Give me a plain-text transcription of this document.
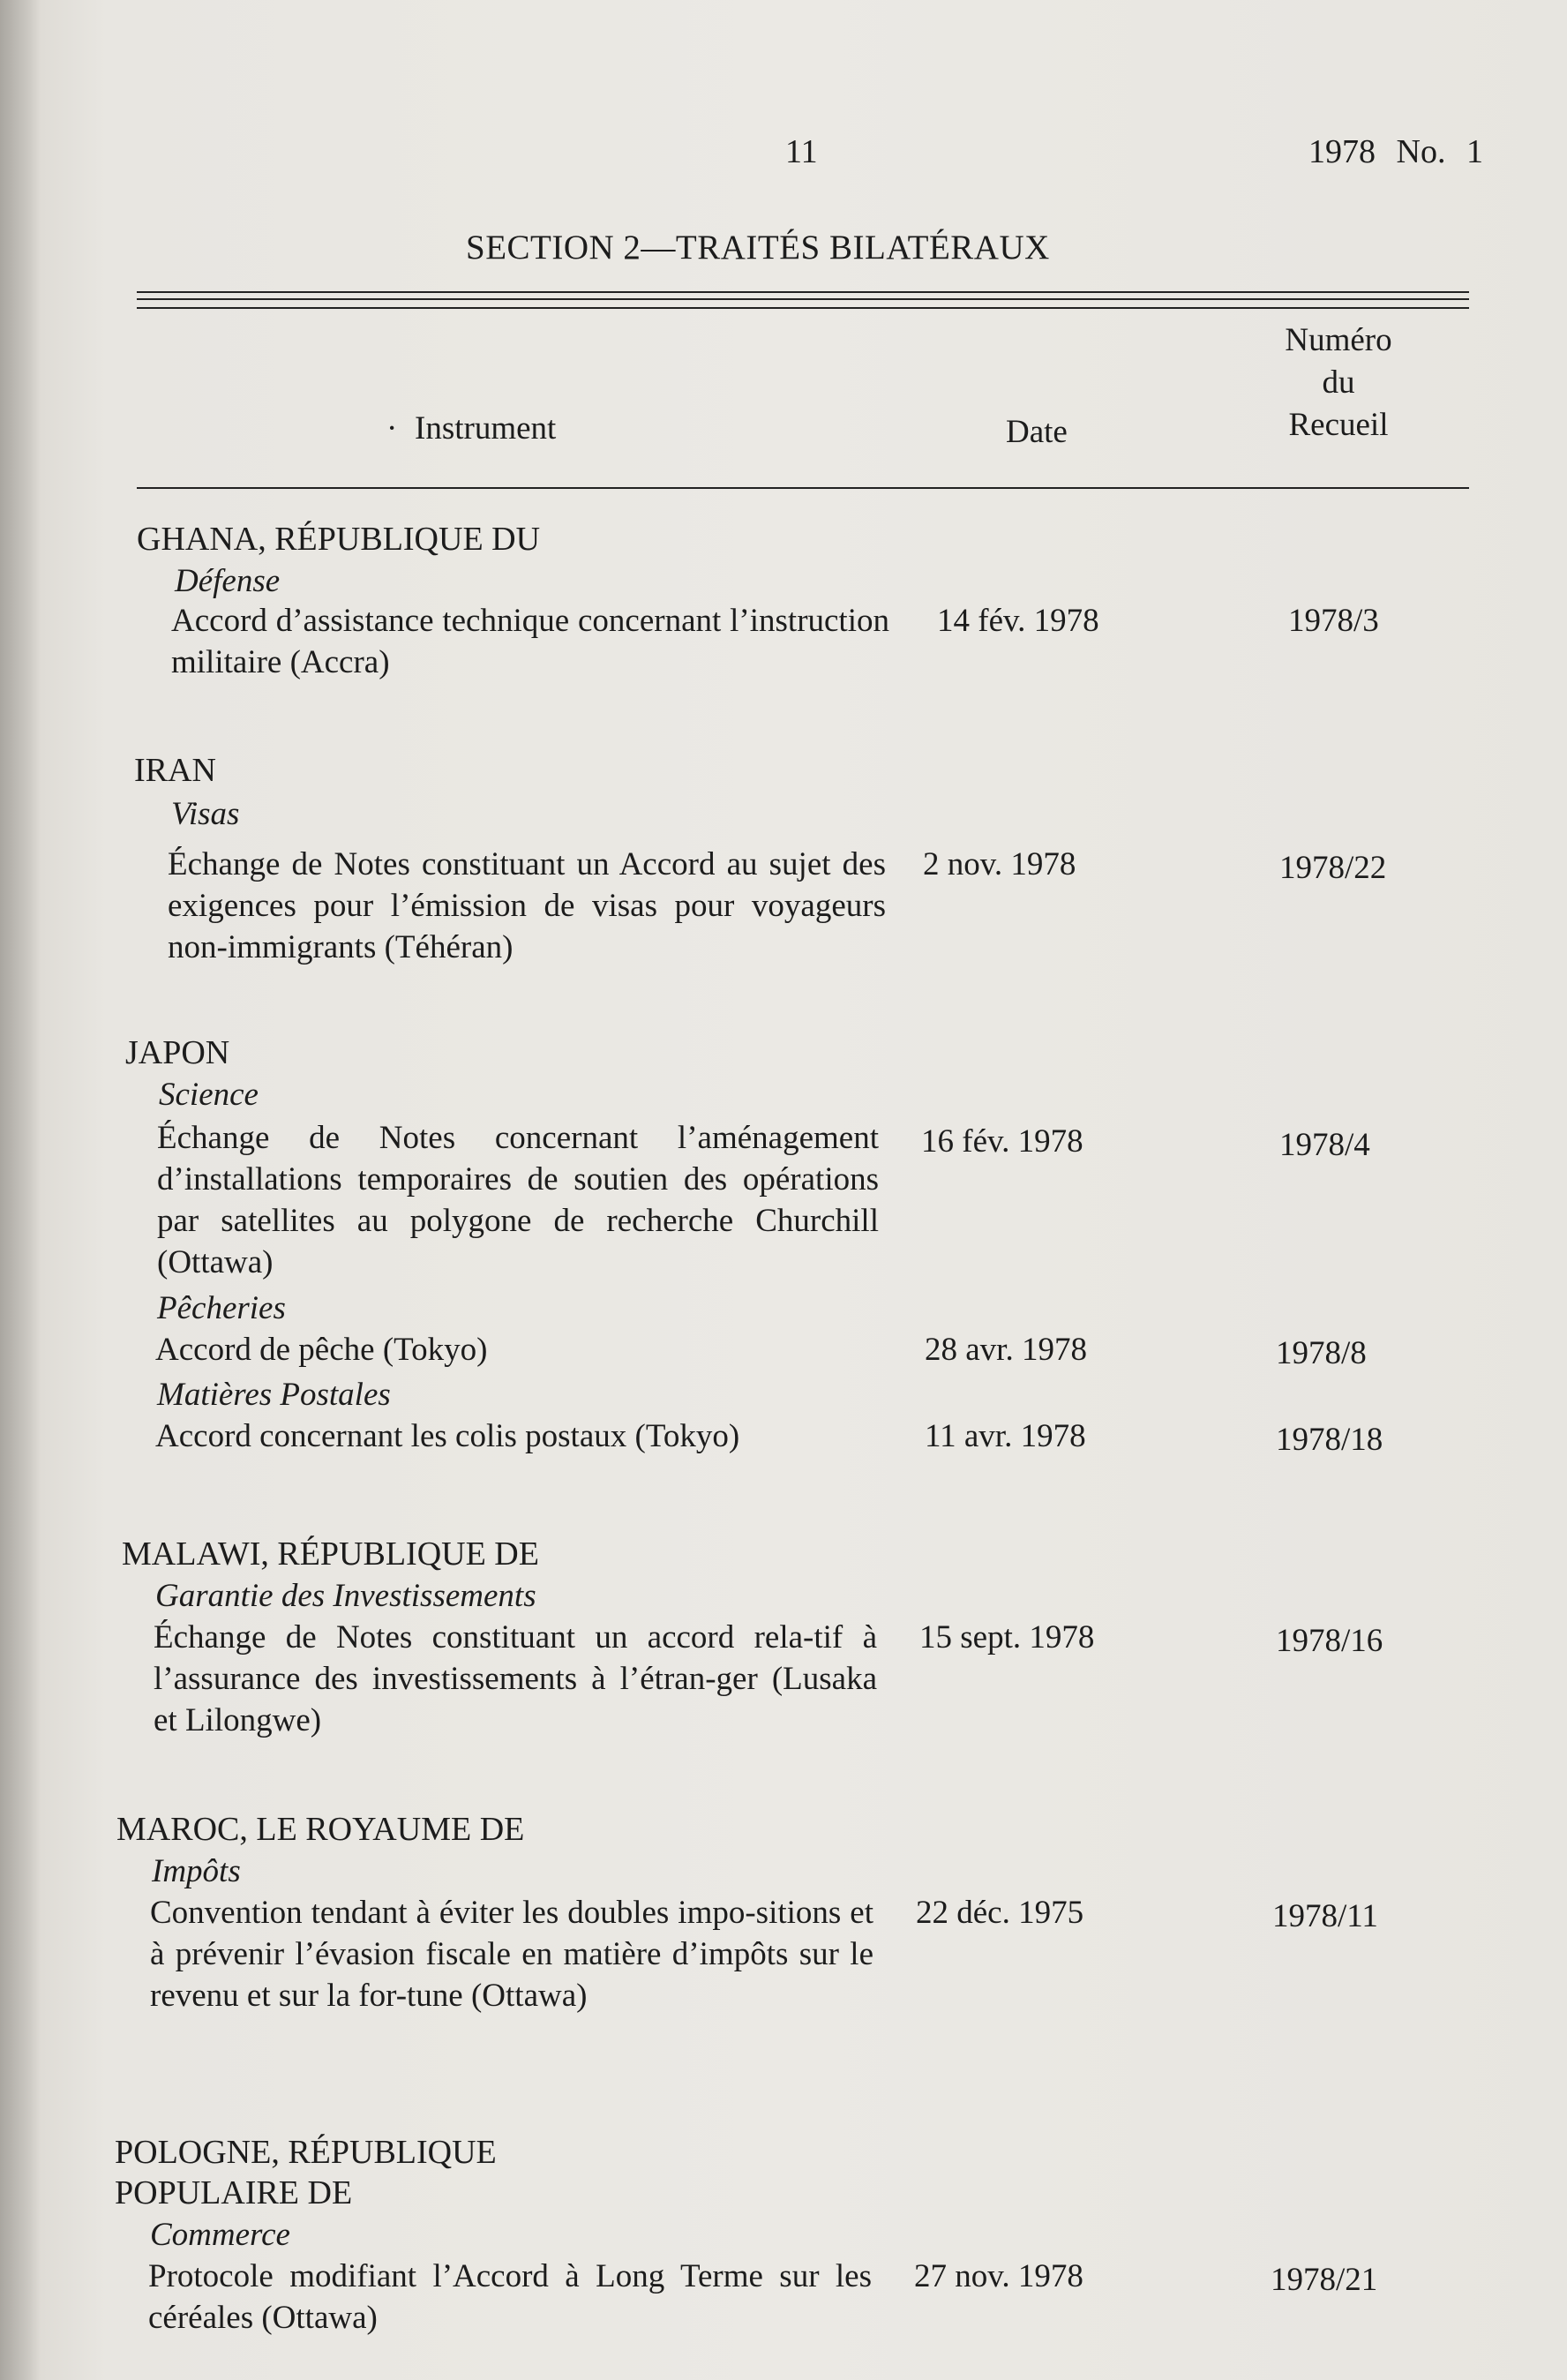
11	1978 No. 1
SECTION 2—TRAITÉS BILATÉRAUX
· Instrument	Date
Numéro
du
Recueil
GHANA, RÉPUBLIQUE DU
Défense
Accord d’assistance technique concernant l’instruction militaire (Accra)
14 fév. 1978	1978/3
IRAN
Visas
Échange de Notes constituant un Accord au sujet des exigences pour l’émission de visas pour voyageurs non-immigrants (Téhéran)
2 nov. 1978	1978/22
JAPON
Science
Échange de Notes concernant l’aménagement d’installations temporaires de soutien des opérations par satellites au polygone de recherche Churchill (Ottawa)
16 fév. 1978	1978/4
Pêcheries
Accord de pêche (Tokyo)	28 avr. 1978	1978/8
Matières Postales
Accord concernant les colis postaux (Tokyo)	11 avr. 1978	1978/18
MALAWI, RÉPUBLIQUE DE
Garantie des Investissements
Échange de Notes constituant un accord rela-tif à l’assurance des investissements à l’étran-ger (Lusaka et Lilongwe)
15 sept. 1978	1978/16
MAROC, LE ROYAUME DE
Impôts
Convention tendant à éviter les doubles impo-sitions et à prévenir l’évasion fiscale en matière d’impôts sur le revenu et sur la for-tune (Ottawa)
22 déc. 1975	1978/11
POLOGNE, RÉPUBLIQUE
POPULAIRE DE
Commerce
Protocole modifiant l’Accord à Long Terme sur les céréales (Ottawa)
27 nov. 1978	1978/21
